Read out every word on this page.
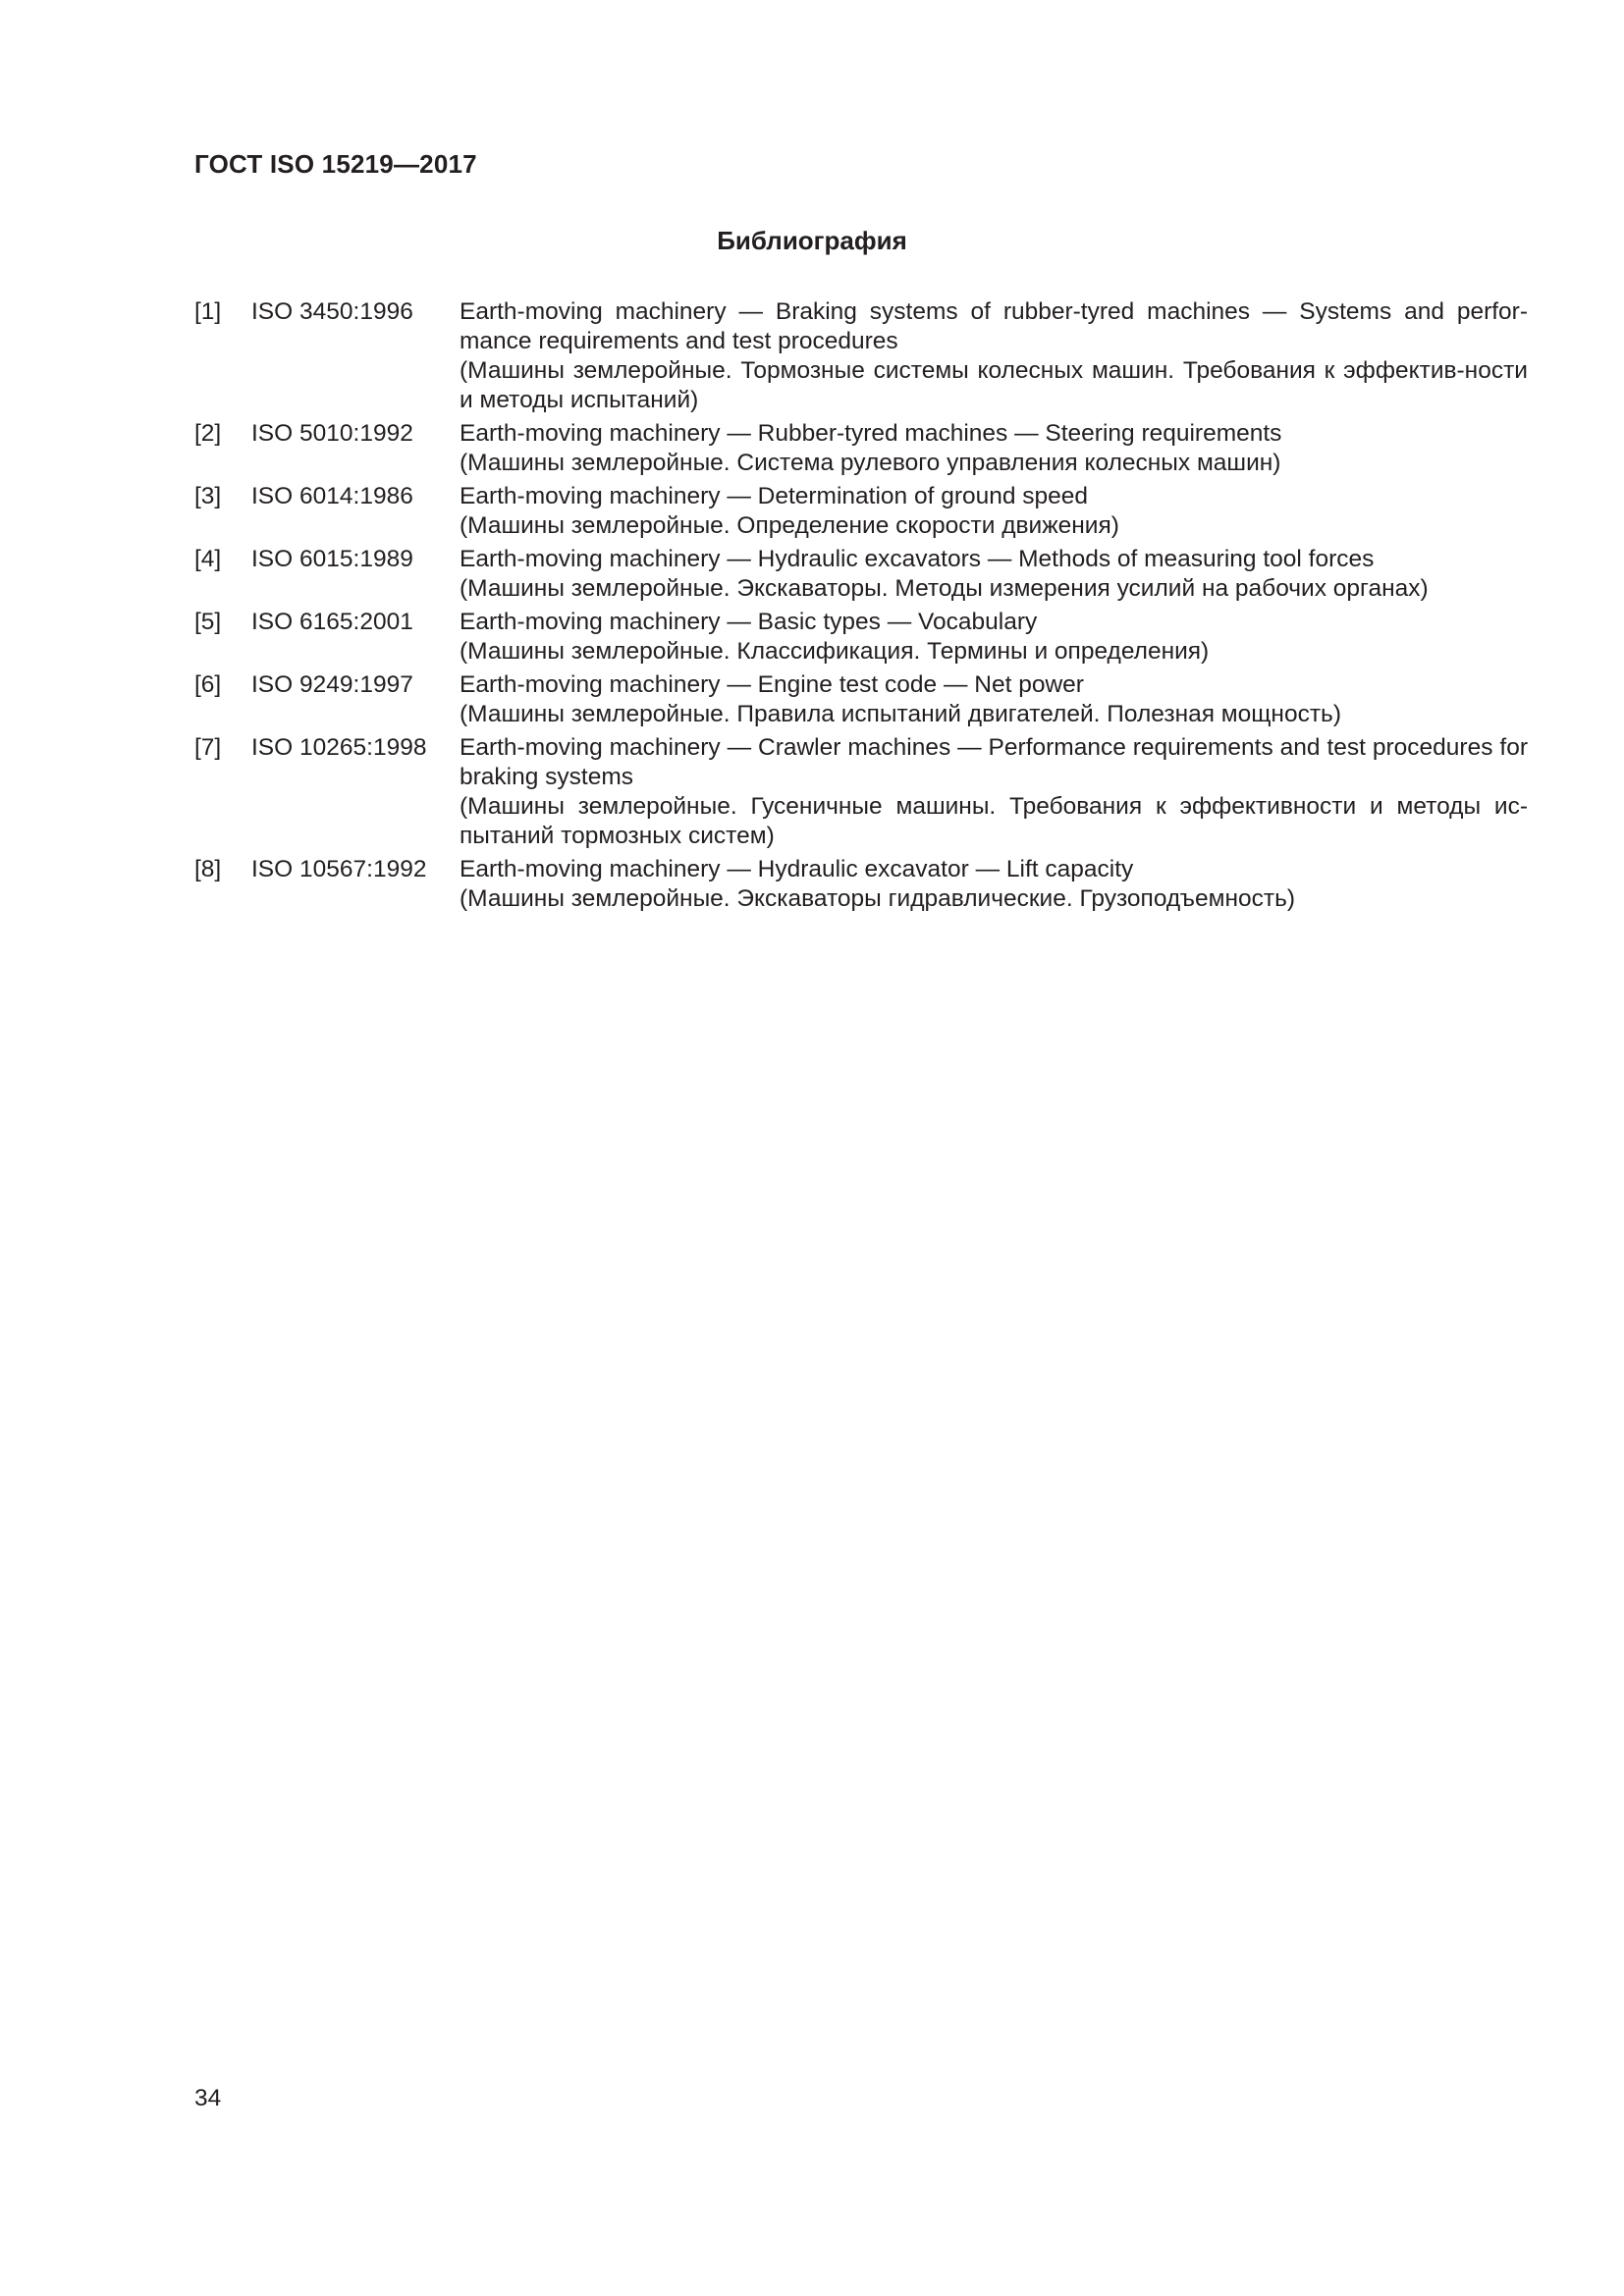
ГОСТ ISO 15219—2017
Библиография
[1]	ISO 3450:1996	Earth-moving machinery — Braking systems of rubber-tyred machines — Systems and perfor-mance requirements and test procedures
(Машины землеройные. Тормозные системы колесных машин. Требования к эффектив-ности и методы испытаний)
[2]	ISO 5010:1992	Earth-moving machinery — Rubber-tyred machines — Steering requirements
(Машины землеройные. Система рулевого управления колесных машин)
[3]	ISO 6014:1986	Earth-moving machinery — Determination of ground speed
(Машины землеройные. Определение скорости движения)
[4]	ISO 6015:1989	Earth-moving machinery — Hydraulic excavators — Methods of measuring tool forces
(Машины землеройные. Экскаваторы. Методы измерения усилий на рабочих органах)
[5]	ISO 6165:2001	Earth-moving machinery — Basic types — Vocabulary
(Машины землеройные. Классификация. Термины и определения)
[6]	ISO 9249:1997	Earth-moving machinery — Engine test code — Net power
(Машины землеройные. Правила испытаний двигателей. Полезная мощность)
[7]	ISO 10265:1998	Earth-moving machinery — Crawler machines — Performance requirements and test procedures for braking systems
(Машины землеройные. Гусеничные машины. Требования к эффективности и методы ис-пытаний тормозных систем)
[8]	ISO 10567:1992	Earth-moving machinery — Hydraulic excavator — Lift capacity
(Машины землеройные. Экскаваторы гидравлические. Грузоподъемность)

34
